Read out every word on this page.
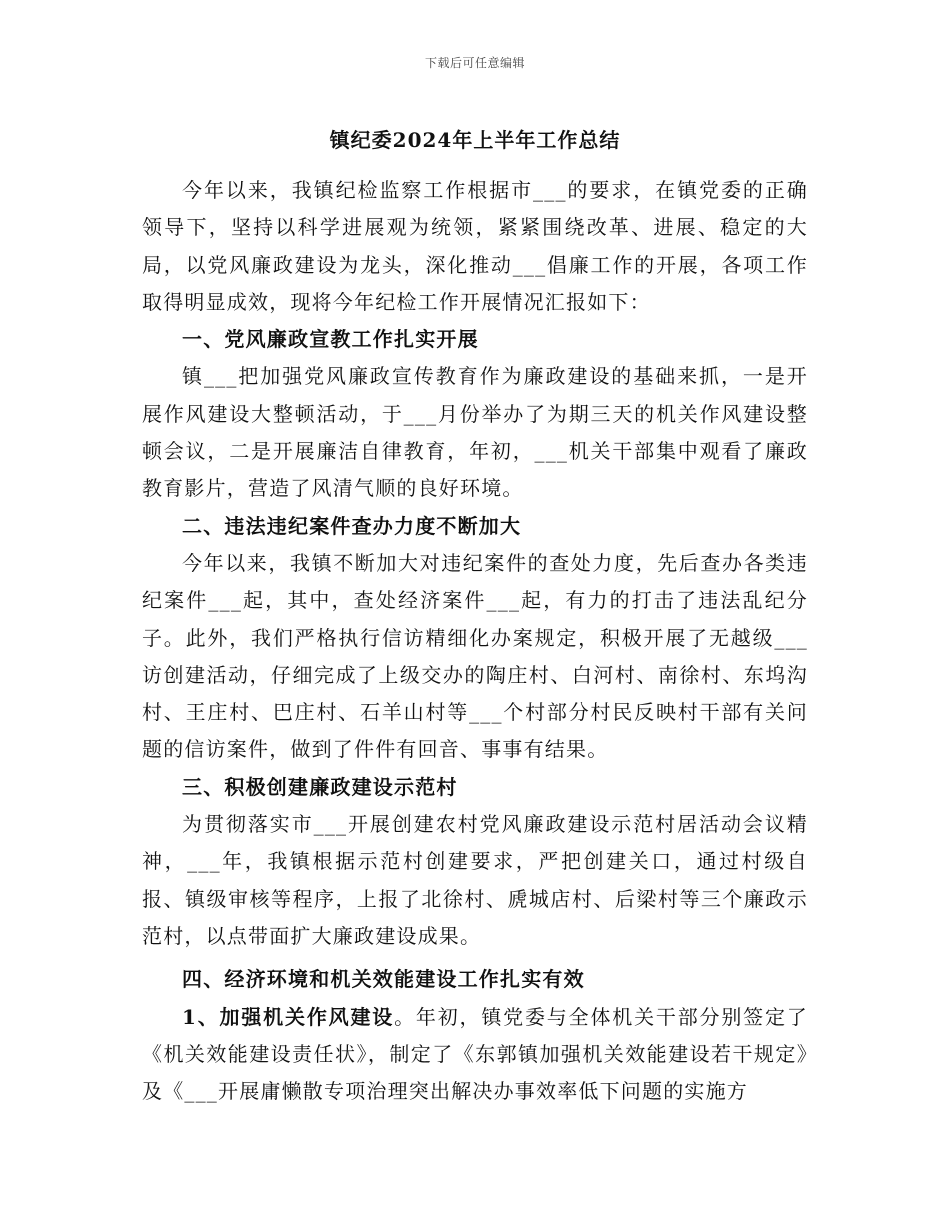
下载后可任意编辑
镇纪委2024年上半年工作总结

今年以来，我镇纪检监察工作根据市___的要求，在镇党委的正确领导下，坚持以科学进展观为统领，紧紧围绕改革、进展、稳定的大局，以党风廉政建设为龙头，深化推动___倡廉工作的开展，各项工作取得明显成效，现将今年纪检工作开展情况汇报如下：

一、党风廉政宣教工作扎实开展

镇___把加强党风廉政宣传教育作为廉政建设的基础来抓，一是开展作风建设大整顿活动，于___月份举办了为期三天的机关作风建设整顿会议，二是开展廉洁自律教育，年初，___机关干部集中观看了廉政教育影片，营造了风清气顺的良好环境。

二、违法违纪案件查办力度不断加大

今年以来，我镇不断加大对违纪案件的查处力度，先后查办各类违纪案件___起，其中，查处经济案件___起，有力的打击了违法乱纪分子。此外，我们严格执行信访精细化办案规定，积极开展了无越级___访创建活动，仔细完成了上级交办的陶庄村、白河村、南徐村、东坞沟村、王庄村、巴庄村、石羊山村等___个村部分村民反映村干部有关问题的信访案件，做到了件件有回音、事事有结果。

三、积极创建廉政建设示范村

为贯彻落实市___开展创建农村党风廉政建设示范村居活动会议精神，___年，我镇根据示范村创建要求，严把创建关口，通过村级自报、镇级审核等程序，上报了北徐村、虒城店村、后梁村等三个廉政示范村，以点带面扩大廉政建设成果。

四、经济环境和机关效能建设工作扎实有效

1、加强机关作风建设。年初，镇党委与全体机关干部分别签定了《机关效能建设责任状》，制定了《东郭镇加强机关效能建设若干规定》及《___开展庸懒散专项治理突出解决办事效率低下问题的实施方
